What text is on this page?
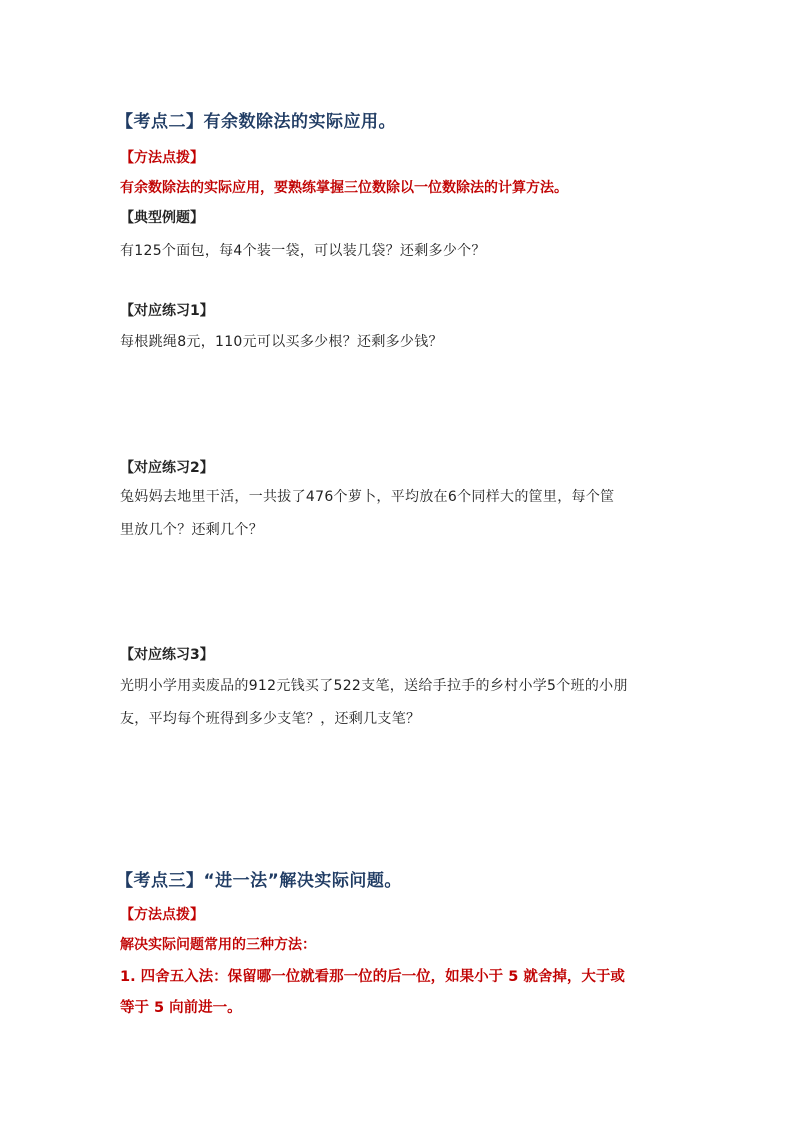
【考点二】有余数除法的实际应用。
【方法点拨】
有余数除法的实际应用，要熟练掌握三位数除以一位数除法的计算方法。
【典型例题】
有125个面包，每4个装一袋，可以装几袋？还剩多少个？
【对应练习1】
每根跳绳8元，110元可以买多少根？还剩多少钱？
【对应练习2】
兔妈妈去地里干活，一共拔了476个萝卜，平均放在6个同样大的筐里，每个筐
里放几个？还剩几个？
【对应练习3】
光明小学用卖废品的912元钱买了522支笔，送给手拉手的乡村小学5个班的小朋
友，平均每个班得到多少支笔？，还剩几支笔？
【考点三】“进一法”解决实际问题。
【方法点拨】
解决实际问题常用的三种方法：
1. 四舍五入法：保留哪一位就看那一位的后一位，如果小于 5 就舍掉，大于或
等于 5 向前进一。
